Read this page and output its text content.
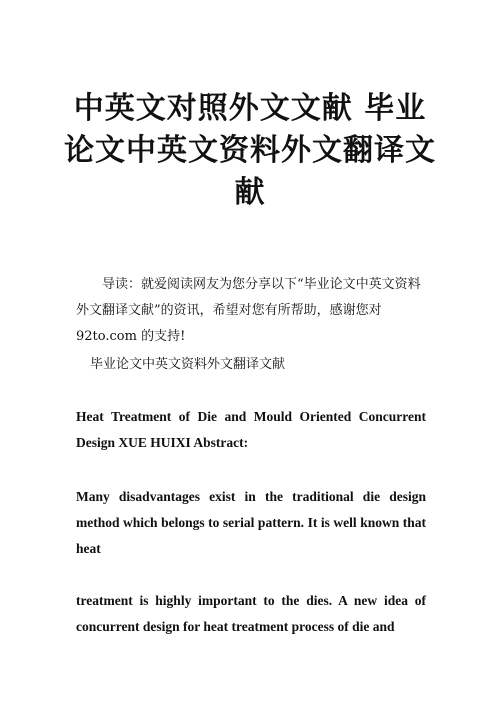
中英文对照外文文献 毕业论文中英文资料外文翻译文献

导读：就爱阅读网友为您分享以下“毕业论文中英文资料外文翻译文献”的资讯，希望对您有所帮助，感谢您对92to.com 的支持!

毕业论文中英文资料外文翻译文献

Heat Treatment of Die and Mould Oriented Concurrent Design XUE HUIXI Abstract:

Many disadvantages exist in the traditional die design method which belongs to serial pattern. It is well known that heat

treatment is highly important to the dies. A new idea of concurrent design for heat treatment process of die and
